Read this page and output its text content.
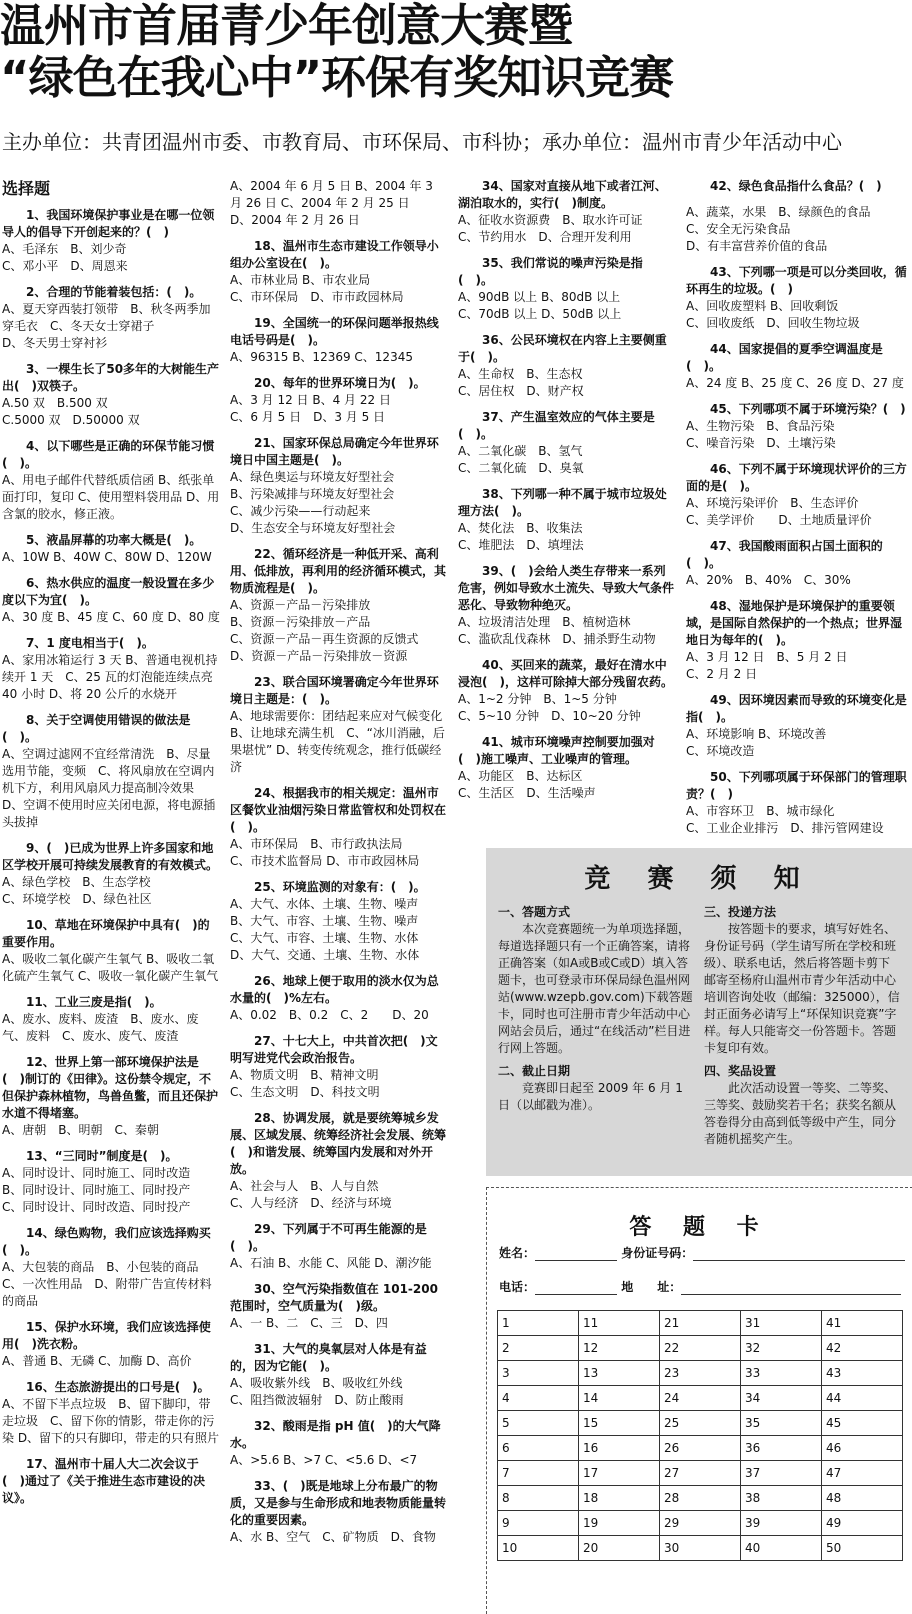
温州市首届青少年创意大赛暨
“绿色在我心中”环保有奖知识竞赛
主办单位：共青团温州市委、市教育局、市环保局、市科协；承办单位：温州市青少年活动中心
选择题
1、我国环境保护事业是在哪一位领导人的倡导下开创起来的？(　)
A、毛泽东　B、刘少奇
C、邓小平　D、周恩来
2、合理的节能着装包括：(　)。
A、夏天穿西装打领带　B、秋冬两季加穿毛衣　C、冬天女士穿裙子
D、冬天男士穿衬衫
3、一棵生长了50多年的大树能生产出(　)双筷子。
A.50 双　B.500 双
C.5000 双　D.50000 双
4、以下哪些是正确的环保节能习惯(　)。
A、用电子邮件代替纸质信函 B、纸张单面打印，复印 C、使用塑料袋用品 D、用含氯的胶水，修正液。
5、液晶屏幕的功率大概是(　)。
A、10W B、40W C、80W D、120W
6、热水供应的温度一般设置在多少度以下为宜(　)。
A、30 度 B、45 度 C、60 度 D、80 度
7、1 度电相当于(　)。
A、家用冰箱运行 3 天 B、普通电视机持续开 1 天　C、25 瓦的灯泡能连续点亮 40 小时 D、将 20 公斤的水烧开
8、关于空调使用错误的做法是(　)。
A、空调过滤网不宜经常清洗　B、尽量选用节能，变频　C、将风扇放在空调内机下方，利用风扇风力提高制冷效果　D、空调不使用时应关闭电源，将电源插头拔掉
9、(　)已成为世界上许多国家和地区学校开展可持续发展教育的有效模式。
A、绿色学校　B、生态学校
C、环境学校　D、绿色社区
10、草地在环境保护中具有(　)的重要作用。
A、吸收二氧化碳产生氧气 B、吸收二氧化硫产生氧气 C、吸收一氧化碳产生氧气
11、工业三废是指(　)。
A、废水、废料、废渣　B、废水、废气、废料　C、废水、废气、废渣
12、世界上第一部环境保护法是(　)制订的《田律》。这份禁令规定，不但保护森林植物，鸟兽鱼鳖，而且还保护水道不得堵塞。
A、唐朝　B、明朝　C、秦朝
13、“三同时”制度是(　)。
A、同时设计、同时施工、同时改造
B、同时设计、同时施工、同时投产
C、同时设计、同时改造、同时投产
14、绿色购物，我们应该选择购买(　)。
A、大包装的商品　B、小包装的商品　C、一次性用品　D、附带广告宣传材料的商品
15、保护水环境，我们应该选择使用(　)洗衣粉。
A、普通 B、无磷 C、加酶 D、高价
16、生态旅游提出的口号是(　)。
A、不留下半点垃圾　B、留下脚印，带走垃圾　C、留下你的情影，带走你的污染 D、留下的只有脚印，带走的只有照片
17、温州市十届人大二次会议于(　)通过了《关于推进生态市建设的决议》。
A、2004 年 6 月 5 日 B、2004 年 3 月 26 日 C、2004 年 2 月 25 日
D、2004 年 2 月 26 日
18、温州市生态市建设工作领导小组办公室设在(　)。
A、市林业局 B、市农业局
C、市环保局　D、市市政园林局
19、全国统一的环保问题举报热线电话号码是(　)。
A、96315 B、12369 C、12345
20、每年的世界环境日为(　)。
A、3 月 12 日 B、4 月 22 日
C、6 月 5 日　D、3 月 5 日
21、国家环保总局确定今年世界环境日中国主题是(　)。
A、绿色奥运与环境友好型社会
B、污染减排与环境友好型社会
C、减少污染——行动起来
D、生态安全与环境友好型社会
22、循环经济是一种低开采、高利用、低排放，再利用的经济循环模式，其物质流程是(　)。
A、资源－产品－污染排放
B、资源－污染排放－产品
C、资源－产品－再生资源的反馈式
D、资源－产品－污染排放－资源
23、联合国环境署确定今年世界环境日主题是：(　)。
A、地球需要你：团结起来应对气候变化 B、让地球充满生机　C、“冰川消融，后果堪忧” D、转变传统观念，推行低碳经济
24、根据我市的相关规定：温州市区餐饮业油烟污染日常监管权和处罚权在(　)。
A、市环保局　B、市行政执法局
C、市技术监督局 D、市市政园林局
25、环境监测的对象有：(　)。
A、大气、水体、土壤、生物、噪声
B、大气、市容、土壤、生物、噪声
C、大气、市容、土壤、生物、水体
D、大气、交通、土壤、生物、水体
26、地球上便于取用的淡水仅为总水量的(　)%左右。
A、0.02　B、0.2　C、2　　D、20
27、十七大上，中共首次把(　)文明写进党代会政治报告。
A、物质文明　B、精神文明
C、生态文明　D、科技文明
28、协调发展，就是要统筹城乡发展、区域发展、统筹经济社会发展、统筹(　)和谐发展、统筹国内发展和对外开放。
A、社会与人　B、人与自然
C、人与经济　D、经济与环境
29、下列属于不可再生能源的是(　)。
A、石油 B、水能 C、风能 D、潮汐能
30、空气污染指数值在 101-200 范围时，空气质量为(　)级。
A、一 B、二　C、三　D、四
31、大气的臭氧层对人体是有益的，因为它能(　)。
A、吸收紫外线　B、吸收红外线
C、阻挡微波辐射　D、防止酸雨
32、酸雨是指 pH 值(　)的大气降水。
A、>5.6 B、>7 C、<5.6 D、<7
33、(　)既是地球上分布最广的物质，又是参与生命形成和地表物质能量转化的重要因素。
A、水 B、空气　C、矿物质　D、食物
34、国家对直接从地下或者江河、湖泊取水的，实行(　)制度。
A、征收水资源费　B、取水许可证
C、节约用水　D、合理开发利用
35、我们常说的噪声污染是指(　)。
A、90dB 以上 B、80dB 以上
C、70dB 以上 D、50dB 以上
36、公民环境权在内容上主要侧重于(　)。
A、生命权　B、生态权
C、居住权　D、财产权
37、产生温室效应的气体主要是(　)。
A、二氧化碳　B、氢气
C、二氧化硫　D、臭氧
38、下列哪一种不属于城市垃圾处理方法(　)。
A、焚化法　B、收集法
C、堆肥法　D、填埋法
39、(　)会给人类生存带来一系列危害，例如导致水土流失、导致大气条件恶化、导致物种绝灭。
A、垃圾清洁处理　B、植树造林
C、滥砍乱伐森林　D、捕杀野生动物
40、买回来的蔬菜，最好在清水中浸泡(　)，这样可除掉大部分残留农药。
A、1~2 分钟　B、1~5 分钟
C、5~10 分钟　D、10~20 分钟
41、城市环境噪声控制要加强对(　)施工噪声、工业噪声的管理。
A、功能区　B、达标区
C、生活区　D、生活噪声
42、绿色食品指什么食品？(　)
A、蔬菜，水果　B、绿颜色的食品
C、安全无污染食品
D、有丰富营养价值的食品
43、下列哪一项是可以分类回收，循环再生的垃圾。(　)
A、回收废塑料 B、回收剩饭
C、回收废纸　D、回收生物垃圾
44、国家提倡的夏季空调温度是(　)。
A、24 度 B、25 度 C、26 度 D、27 度
45、下列哪项不属于环境污染？(　)
A、生物污染　B、食品污染
C、噪音污染　D、土壤污染
46、下列不属于环境现状评价的三方面的是(　)。
A、环境污染评价　B、生态评价
C、美学评价　　D、土地质量评价
47、我国酸雨面积占国土面积的(　)。
A、20%　B、40%　C、30%
48、湿地保护是环境保护的重要领域，是国际自然保护的一个热点；世界湿地日为每年的(　)。
A、3 月 12 日　B、5 月 2 日
C、2 月 2 日
49、因环境因素而导致的环境变化是指(　)。
A、环境影响 B、环境改善
C、环境改造
50、下列哪项属于环保部门的管理职责？(　)
A、市容环卫　B、城市绿化
C、工业企业排污　D、排污管网建设
竞 赛 须 知
一、答题方式
本次竞赛题统一为单项选择题，每道选择题只有一个正确答案，请将正确答案（如A或B或C或D）填入答题卡，也可登录市环保局绿色温州网站(www.wzepb.gov.com)下载答题卡，同时也可注册市青少年活动中心网站会员后，通过“在线活动”栏目进行网上答题。
二、截止日期
竞赛即日起至 2009 年 6 月 1 日（以邮戳为准）。
三、投递方法
按答题卡的要求，填写好姓名、身份证号码（学生请写所在学校和班级）、联系电话，然后将答题卡剪下邮寄至杨府山温州市青少年活动中心培训咨询处收（邮编：325000），信封正面务必请写上“环保知识竞赛”字样。每人只能寄交一份答题卡。答题卡复印有效。
四、奖品设置
此次活动设置一等奖、二等奖、三等奖、鼓励奖若干名；获奖名额从答卷得分由高到低等级中产生，同分者随机摇奖产生。
答 题 卡
姓名：	身份证号码：
电话：	地　　址：
1	11	21	31	41
2	12	22	32	42
3	13	23	33	43
4	14	24	34	44
5	15	25	35	45
6	16	26	36	46
7	17	27	37	47
8	18	28	38	48
9	19	29	39	49
10	20	30	40	50
